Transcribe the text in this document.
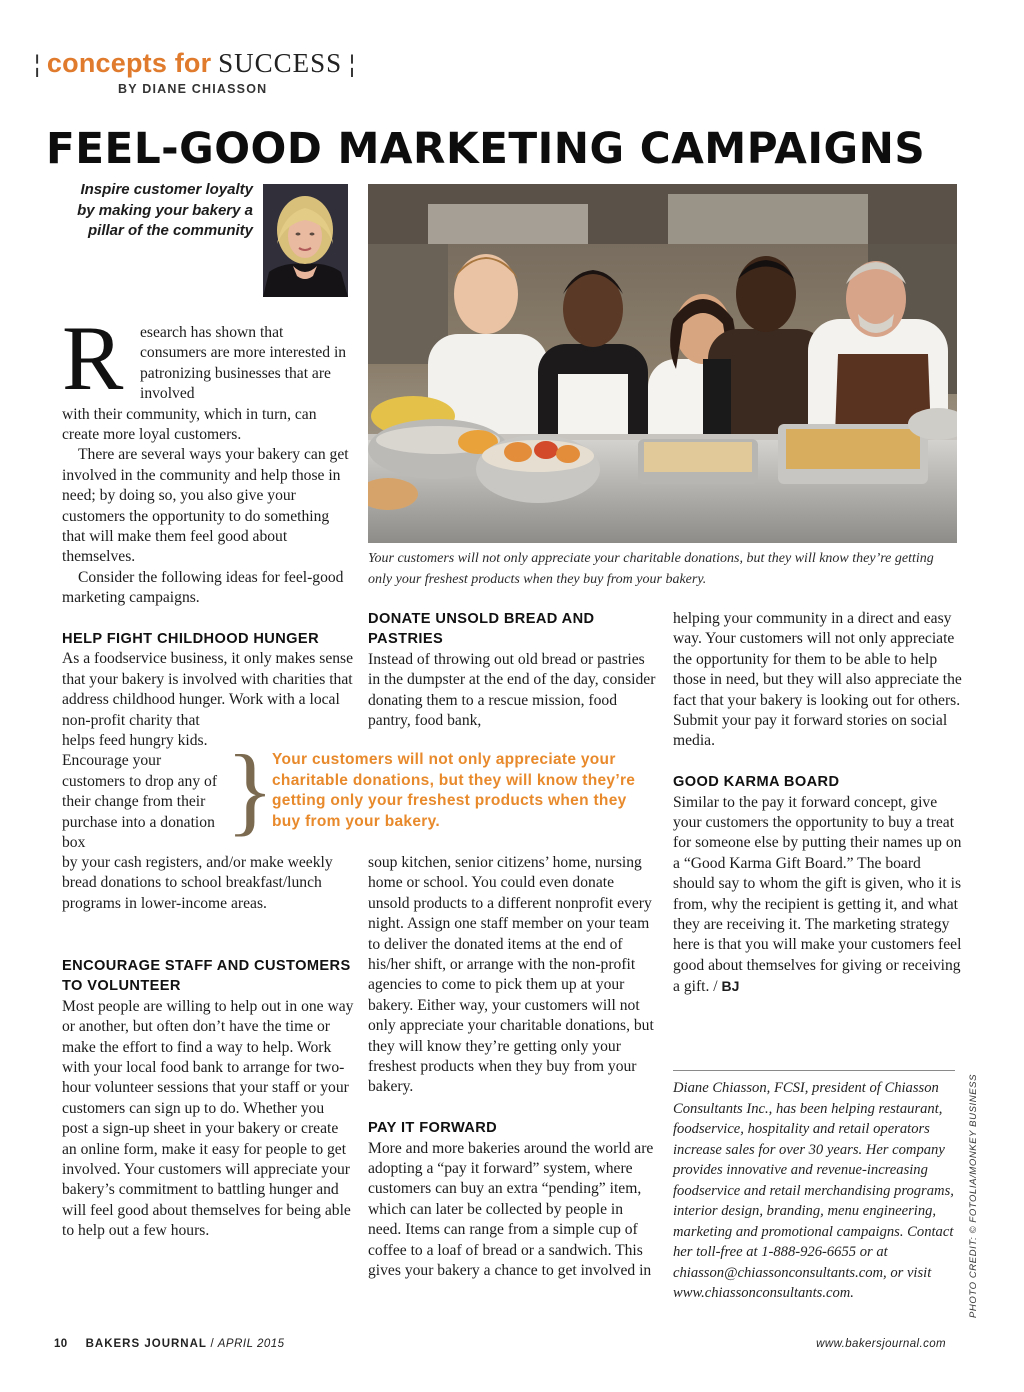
¦ concepts for SUCCESS ¦
BY DIANE CHIASSON
FEEL-GOOD MARKETING CAMPAIGNS
Inspire customer loyalty by making your bakery a pillar of the community
Your customers will not only appreciate your charitable donations, but they will know they’re getting only your freshest products when they buy from your bakery.
R esearch has shown that consumers are more interested in patronizing businesses that are involved

with their community, which in turn, can create more loyal customers.

There are several ways your bakery can get involved in the community and help those in need; by doing so, you also give your customers the opportunity to do something that will make them feel good about themselves.

Consider the following ideas for feel-good marketing campaigns.

HELP FIGHT CHILDHOOD HUNGER

As a foodservice business, it only makes sense that your bakery is involved with charities that address childhood hunger. Work with a local non-profit charity that

helps feed hungry kids. Encourage your customers to drop any of their change from their purchase into a donation box

by your cash registers, and/or make weekly bread donations to school breakfast/lunch programs in lower-income areas.

ENCOURAGE STAFF AND CUSTOMERS TO VOLUNTEER

Most people are willing to help out in one way or another, but often don’t have the time or make the effort to find a way to help. Work with your local food bank to arrange for two-hour volunteer sessions that your staff or your customers can sign up to do. Whether you post a sign-up sheet in your bakery or create an online form, make it easy for people to get involved. Your customers will appreciate your bakery’s commitment to battling hunger and will feel good about themselves for being able to help out a few hours.

}
Your customers will not only appreciate your charitable donations, but they will know they’re getting only your freshest products when they buy from your bakery.
DONATE UNSOLD BREAD AND PASTRIES

Instead of throwing out old bread or pastries in the dumpster at the end of the day, consider donating them to a rescue mission, food pantry, food bank,

soup kitchen, senior citizens’ home, nursing home or school. You could even donate unsold products to a different nonprofit every night. Assign one staff member on your team to deliver the donated items at the end of his/her shift, or arrange with the non-profit agencies to come to pick them up at your bakery. Either way, your customers will not only appreciate your charitable donations, but they will know they’re getting only your freshest products when they buy from your bakery.

PAY IT FORWARD

More and more bakeries around the world are adopting a “pay it forward” system, where customers can buy an extra “pending” item, which can later be collected by people in need. Items can range from a simple cup of coffee to a loaf of bread or a sandwich. This gives your bakery a chance to get involved in

helping your community in a direct and easy way. Your customers will not only appreciate the opportunity for them to be able to help those in need, but they will also appreciate the fact that your bakery is looking out for others. Submit your pay it forward stories on social media.

GOOD KARMA BOARD

Similar to the pay it forward concept, give your customers the opportunity to buy a treat for someone else by putting their names up on a “Good Karma Gift Board.” The board should say to whom the gift is given, who it is from, why the recipient is getting it, and what they are receiving it. The marketing strategy here is that you will make your customers feel good about themselves for giving or receiving a gift. / BJ

Diane Chiasson, FCSI, president of Chiasson Consultants Inc., has been helping restaurant, foodservice, hospitality and retail operators increase sales for over 30 years. Her company provides innovative and revenue-increasing foodservice and retail merchandising programs, interior design, branding, menu engineering, marketing and promotional campaigns. Contact her toll-free at 1-888-926-6655 or at chiasson@chiassonconsultants.com, or visit www.chiassonconsultants.com.	PHOTO CREDIT: © FOTOLIA/MONKEY BUSINESS
10 BAKERS JOURNAL / APRIL 2015	www.bakersjournal.com
